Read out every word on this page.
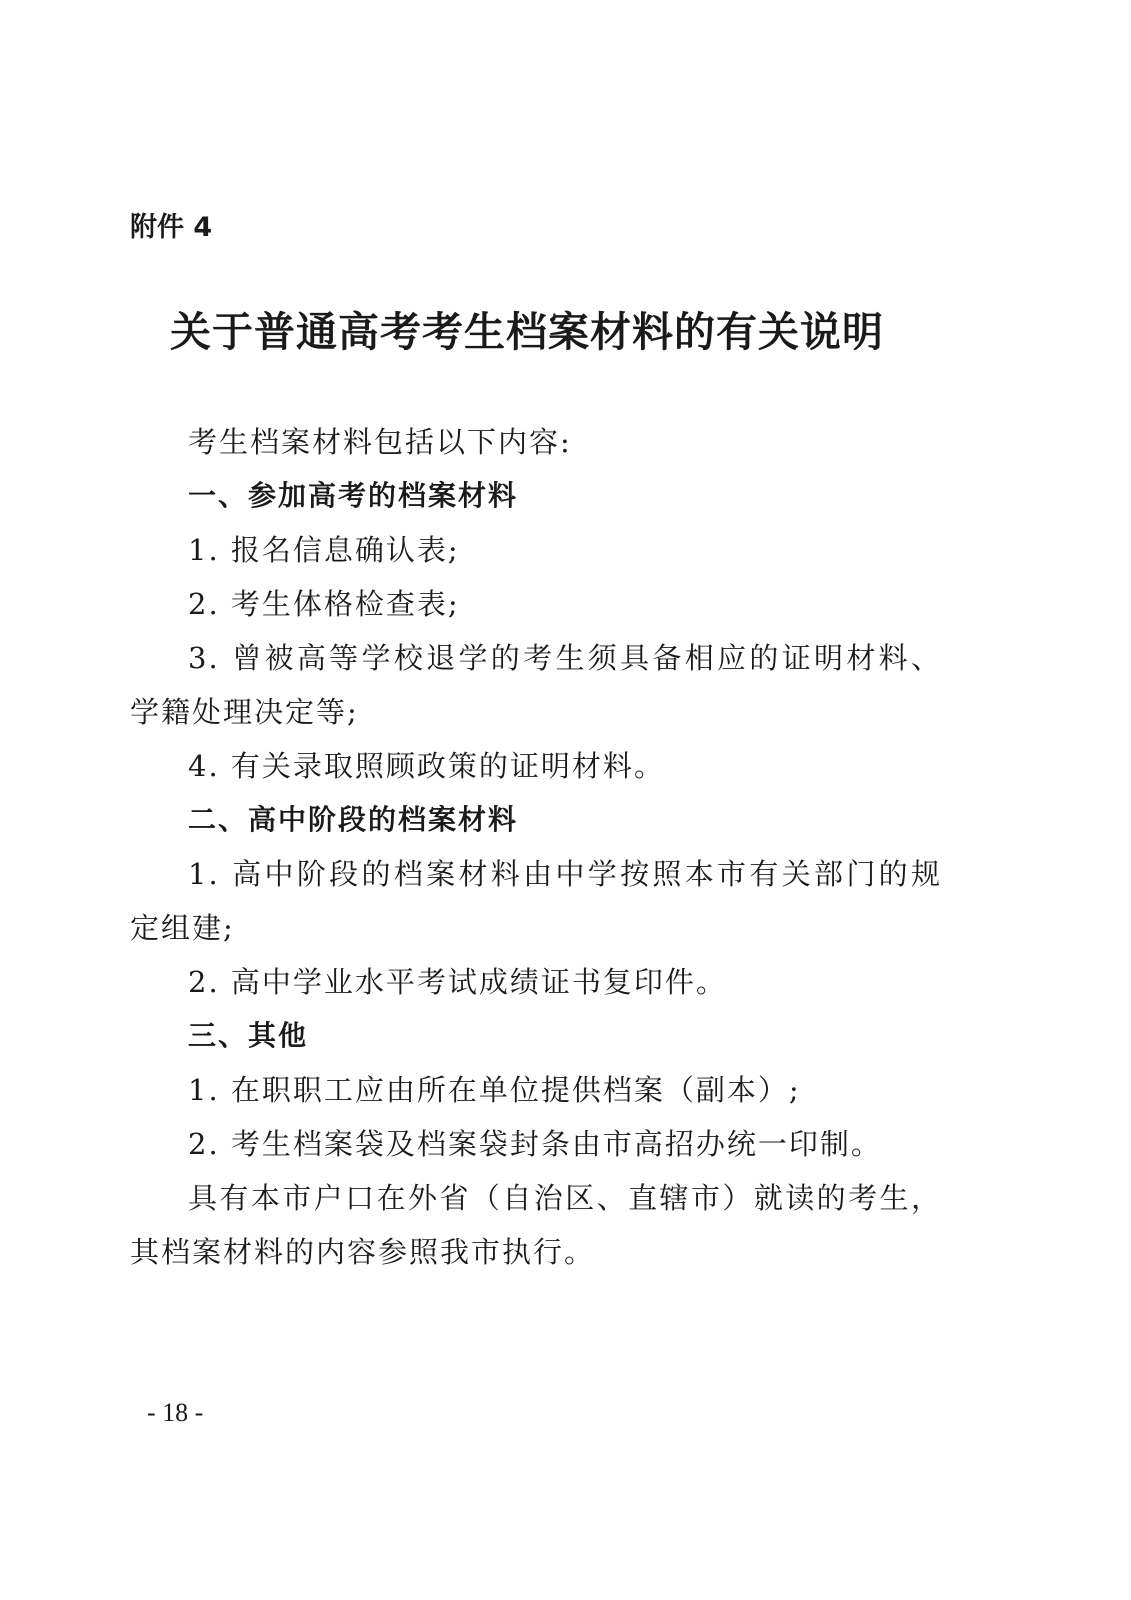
附件 4
关于普通高考考生档案材料的有关说明

考生档案材料包括以下内容:

一、参加高考的档案材料

1. 报名信息确认表;

2. 考生体格检查表;

3. 曾被高等学校退学的考生须具备相应的证明材料、学籍处理决定等;

4. 有关录取照顾政策的证明材料。

二、高中阶段的档案材料

1. 高中阶段的档案材料由中学按照本市有关部门的规定组建;

2. 高中学业水平考试成绩证书复印件。

三、其他

1. 在职职工应由所在单位提供档案（副本）;

2. 考生档案袋及档案袋封条由市高招办统一印制。

具有本市户口在外省（自治区、直辖市）就读的考生，其档案材料的内容参照我市执行。

- 18 -
